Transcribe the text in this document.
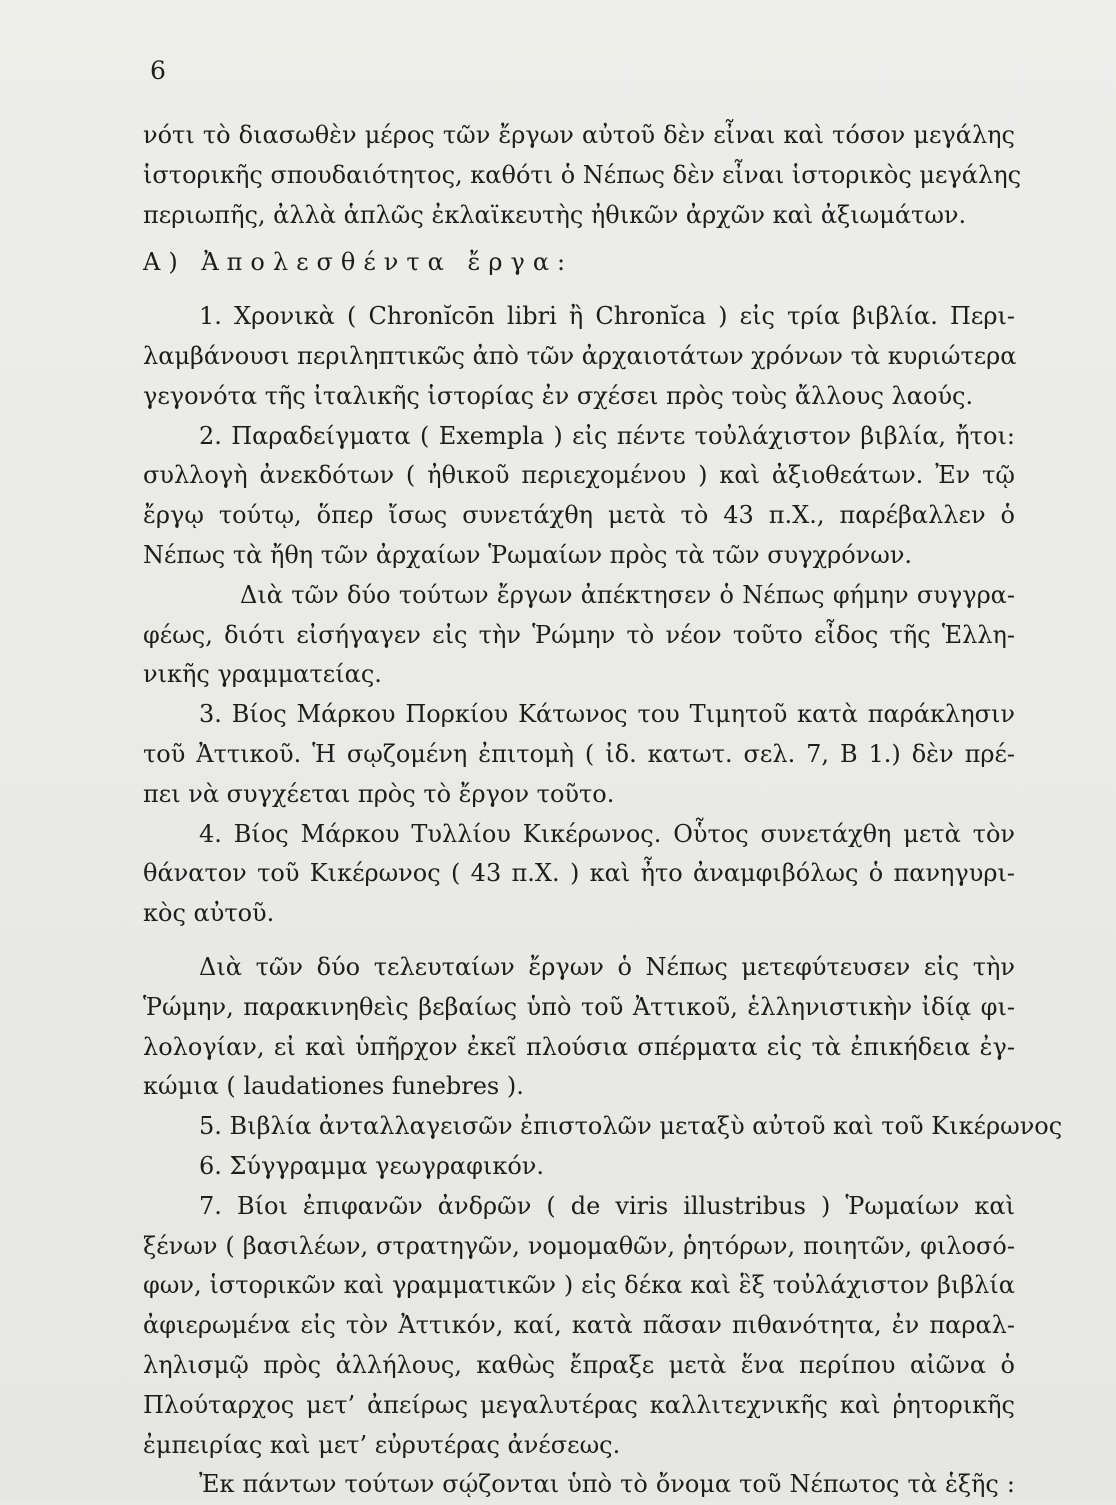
6
νότι τὸ διασωθὲν μέρος τῶν ἔργων αὐτοῦ δὲν εἶναι καὶ τόσον μεγάλης
ἱστορικῆς σπουδαιότητος, καθότι ὁ Νέπως δὲν εἶναι ἱστορικὸς μεγάλης
περιωπῆς, ἀλλὰ ἁπλῶς ἐκλαϊκευτὴς ἠθικῶν ἀρχῶν καὶ ἀξιωμάτων.
Α) Ἀπολεσθέντα ἔργα:
1. Χρονικὰ ( Chronĭcōn libri ἢ Chronĭca ) εἰς τρία βιβλία. Περι-
λαμβάνουσι περιληπτικῶς ἀπὸ τῶν ἀρχαιοτάτων χρόνων τὰ κυριώτερα
γεγονότα τῆς ἰταλικῆς ἱστορίας ἐν σχέσει πρὸς τοὺς ἄλλους λαούς.
2. Παραδείγματα ( Exempla ) εἰς πέντε τοὐλάχιστον βιβλία, ἤτοι:
συλλογὴ ἀνεκδότων ( ἠθικοῦ περιεχομένου ) καὶ ἀξιοθεάτων. Ἐν τῷ
ἔργῳ τούτῳ, ὅπερ ἴσως συνετάχθη μετὰ τὸ 43 π.Χ., παρέβαλλεν ὁ
Νέπως τὰ ἤθη τῶν ἀρχαίων Ῥωμαίων πρὸς τὰ τῶν συγχρόνων.
Διὰ τῶν δύο τούτων ἔργων ἀπέκτησεν ὁ Νέπως φήμην συγγρα-
φέως, διότι εἰσήγαγεν εἰς τὴν Ῥώμην τὸ νέον τοῦτο εἶδος τῆς Ἑλλη-
νικῆς γραμματείας.
3. Βίος Μάρκου Πορκίου Κάτωνος του Τιμητοῦ κατὰ παράκλησιν
τοῦ Ἀττικοῦ. Ἡ σῳζομένη ἐπιτομὴ ( ἰδ. κατωτ. σελ. 7, Β 1.) δὲν πρέ-
πει νὰ συγχέεται πρὸς τὸ ἔργον τοῦτο.
4. Βίος Μάρκου Τυλλίου Κικέρωνος. Οὗτος συνετάχθη μετὰ τὸν
θάνατον τοῦ Κικέρωνος ( 43 π.Χ. ) καὶ ἦτο ἀναμφιβόλως ὁ πανηγυρι-
κὸς αὐτοῦ.
Διὰ τῶν δύο τελευταίων ἔργων ὁ Νέπως μετεφύτευσεν εἰς τὴν
Ῥώμην, παρακινηθεὶς βεβαίως ὑπὸ τοῦ Ἀττικοῦ, ἑλληνιστικὴν ἰδίᾳ φι-
λολογίαν, εἰ καὶ ὑπῆρχον ἐκεῖ πλούσια σπέρματα εἰς τὰ ἐπικήδεια ἐγ-
κώμια ( laudationes funebres ).
5. Βιβλία ἀνταλλαγεισῶν ἐπιστολῶν μεταξὺ αὐτοῦ καὶ τοῦ Κικέρωνος
6. Σύγγραμμα γεωγραφικόν.
7. Βίοι ἐπιφανῶν ἀνδρῶν ( de viris illustribus ) Ῥωμαίων καὶ
ξένων ( βασιλέων, στρατηγῶν, νομομαθῶν, ῥητόρων, ποιητῶν, φιλοσό-
φων, ἱστορικῶν καὶ γραμματικῶν ) εἰς δέκα καὶ ἓξ τοὐλάχιστον βιβλία
ἀφιερωμένα εἰς τὸν Ἀττικόν, καί, κατὰ πᾶσαν πιθανότητα, ἐν παραλ-
ληλισμῷ πρὸς ἀλλήλους, καθὼς ἔπραξε μετὰ ἕνα περίπου αἰῶνα ὁ
Πλούταρχος μετ’ ἀπείρως μεγαλυτέρας καλλιτεχνικῆς καὶ ῥητορικῆς
ἐμπειρίας καὶ μετ’ εὐρυτέρας ἀνέσεως.
Ἐκ πάντων τούτων σῴζονται ὑπὸ τὸ ὄνομα τοῦ Νέπωτος τὰ ἑξῆς :
